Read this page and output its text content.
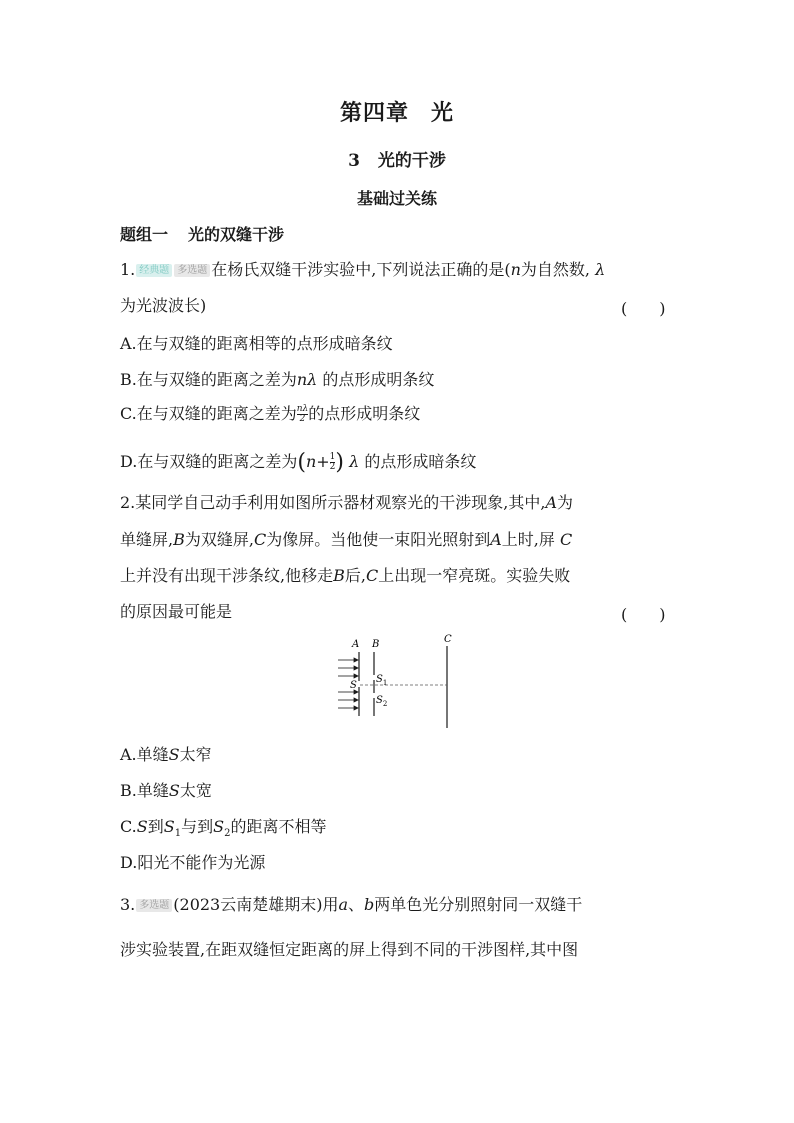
第四章 光
3 光的干涉
基础过关练
题组一 光的双缝干涉
1. 经典题 多选题 在杨氏双缝干涉实验中,下列说法正确的是(n为自然数, λ
为光波波长)	(　　)
A.在与双缝的距离相等的点形成暗条纹
B.在与双缝的距离之差为nλ 的点形成明条纹
C.在与双缝的距离之差为 $\frac{n\lambda}{2}$ 的点形成明条纹
D.在与双缝的距离之差为($n+ \frac{1}{2}$ ) λ 的点形成暗条纹
2.某同学自己动手利用如图所示器材观察光的干涉现象,其中,A为
单缝屏,B为双缝屏,C为像屏。当他使一束阳光照射到A上时,屏 C
上并没有出现干涉条纹,他移走B后,C上出现一窄亮斑。实验失败
的原因最可能是	(　　)
A B	C
S
$S_1$
$S_2$
A.单缝S太窄
B.单缝S太宽
C.S到$S_1$与到$S_2$的距离不相等
D.阳光不能作为光源
3. 多选题 (2023云南楚雄期末)用a、b两单色光分别照射同一双缝干
涉实验装置,在距双缝恒定距离的屏上得到不同的干涉图样,其中图
